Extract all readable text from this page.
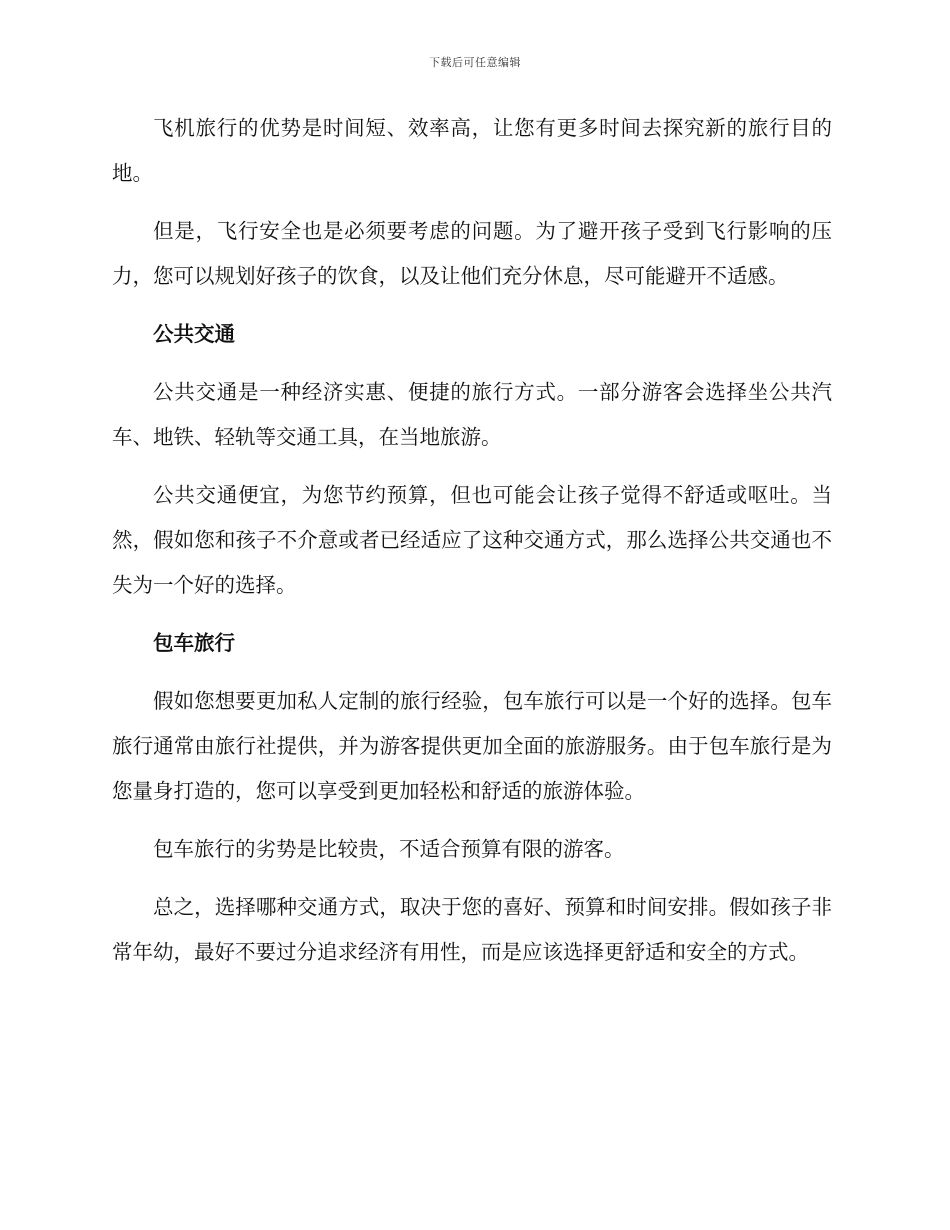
下载后可任意编辑

飞机旅行的优势是时间短、效率高，让您有更多时间去探究新的旅行目的地。

但是，飞行安全也是必须要考虑的问题。为了避开孩子受到飞行影响的压力，您可以规划好孩子的饮食，以及让他们充分休息，尽可能避开不适感。

公共交通

公共交通是一种经济实惠、便捷的旅行方式。一部分游客会选择坐公共汽车、地铁、轻轨等交通工具，在当地旅游。

公共交通便宜，为您节约预算，但也可能会让孩子觉得不舒适或呕吐。当然，假如您和孩子不介意或者已经适应了这种交通方式，那么选择公共交通也不失为一个好的选择。

包车旅行

假如您想要更加私人定制的旅行经验，包车旅行可以是一个好的选择。包车旅行通常由旅行社提供，并为游客提供更加全面的旅游服务。由于包车旅行是为您量身打造的，您可以享受到更加轻松和舒适的旅游体验。

包车旅行的劣势是比较贵，不适合预算有限的游客。

总之，选择哪种交通方式，取决于您的喜好、预算和时间安排。假如孩子非常年幼，最好不要过分追求经济有用性，而是应该选择更舒适和安全的方式。
